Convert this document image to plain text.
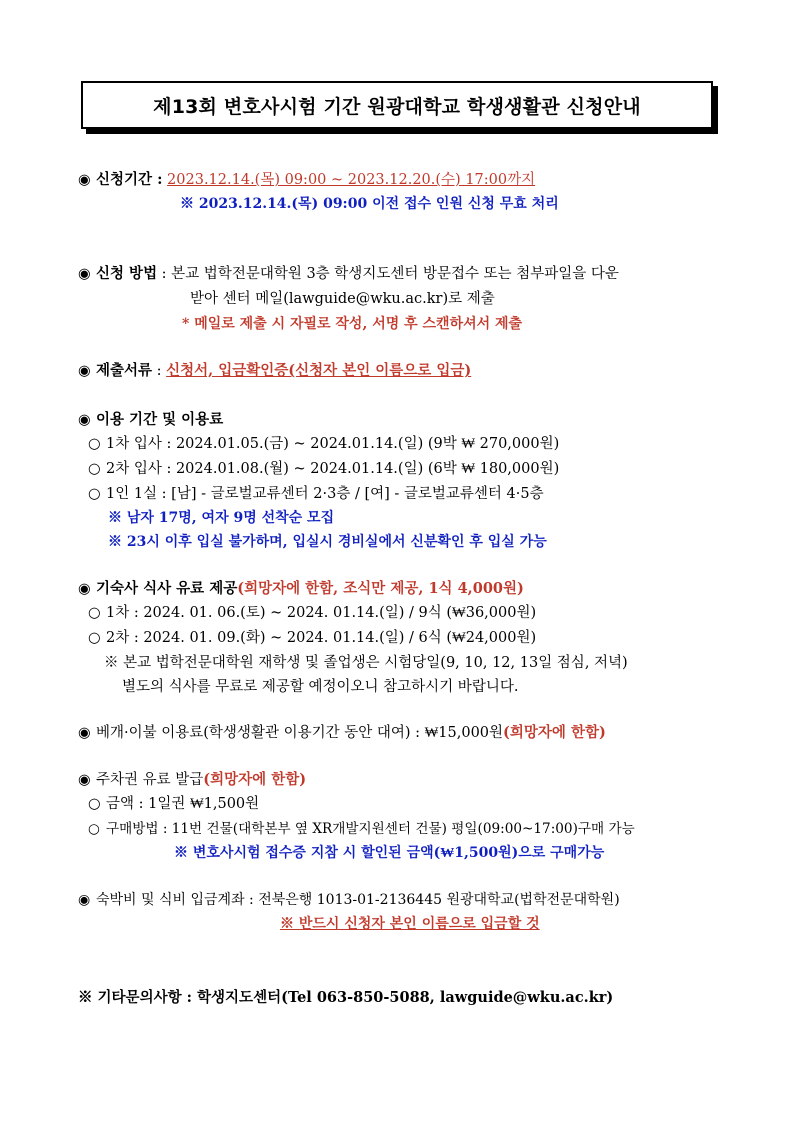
제13회 변호사시험 기간 원광대학교 학생생활관 신청안내
◉ 신청기간 : 2023.12.14.(목) 09:00 ~ 2023.12.20.(수) 17:00까지
※ 2023.12.14.(목) 09:00 이전 접수 인원 신청 무효 처리
◉ 신청 방법 : 본교 법학전문대학원 3층 학생지도센터 방문접수 또는 첨부파일을 다운
받아 센터 메일(lawguide@wku.ac.kr)로 제출
* 메일로 제출 시 자필로 작성, 서명 후 스캔하셔서 제출
◉ 제출서류 : 신청서, 입금확인증(신청자 본인 이름으로 입금)
◉ 이용 기간 및 이용료
○ 1차 입사 : 2024.01.05.(금) ~ 2024.01.14.(일) (9박 ₩ 270,000원)
○ 2차 입사 : 2024.01.08.(월) ~ 2024.01.14.(일) (6박 ₩ 180,000원)
○ 1인 1실 : [남] - 글로벌교류센터 2·3층 / [여] - 글로벌교류센터 4·5층
※ 남자 17명, 여자 9명 선착순 모집
※ 23시 이후 입실 불가하며, 입실시 경비실에서 신분확인 후 입실 가능
◉ 기숙사 식사 유료 제공(희망자에 한함, 조식만 제공, 1식 4,000원)
○ 1차 : 2024. 01. 06.(토) ~ 2024. 01.14.(일) / 9식 (₩36,000원)
○ 2차 : 2024. 01. 09.(화) ~ 2024. 01.14.(일) / 6식 (₩24,000원)
※ 본교 법학전문대학원 재학생 및 졸업생은 시험당일(9, 10, 12, 13일 점심, 저녁)
별도의 식사를 무료로 제공할 예정이오니 참고하시기 바랍니다.
◉ 베개·이불 이용료(학생생활관 이용기간 동안 대여) : ₩15,000원(희망자에 한함)
◉ 주차권 유료 발급(희망자에 한함)
○ 금액 : 1일권 ₩1,500원
○ 구매방법 : 11번 건물(대학본부 옆 XR개발지원센터 건물) 평일(09:00~17:00)구매 가능
※ 변호사시험 접수증 지참 시 할인된 금액(₩1,500원)으로 구매가능
◉ 숙박비 및 식비 입금계좌 : 전북은행 1013-01-2136445 원광대학교(법학전문대학원)
※ 반드시 신청자 본인 이름으로 입금할 것
※ 기타문의사항 : 학생지도센터(Tel 063-850-5088, lawguide@wku.ac.kr)
